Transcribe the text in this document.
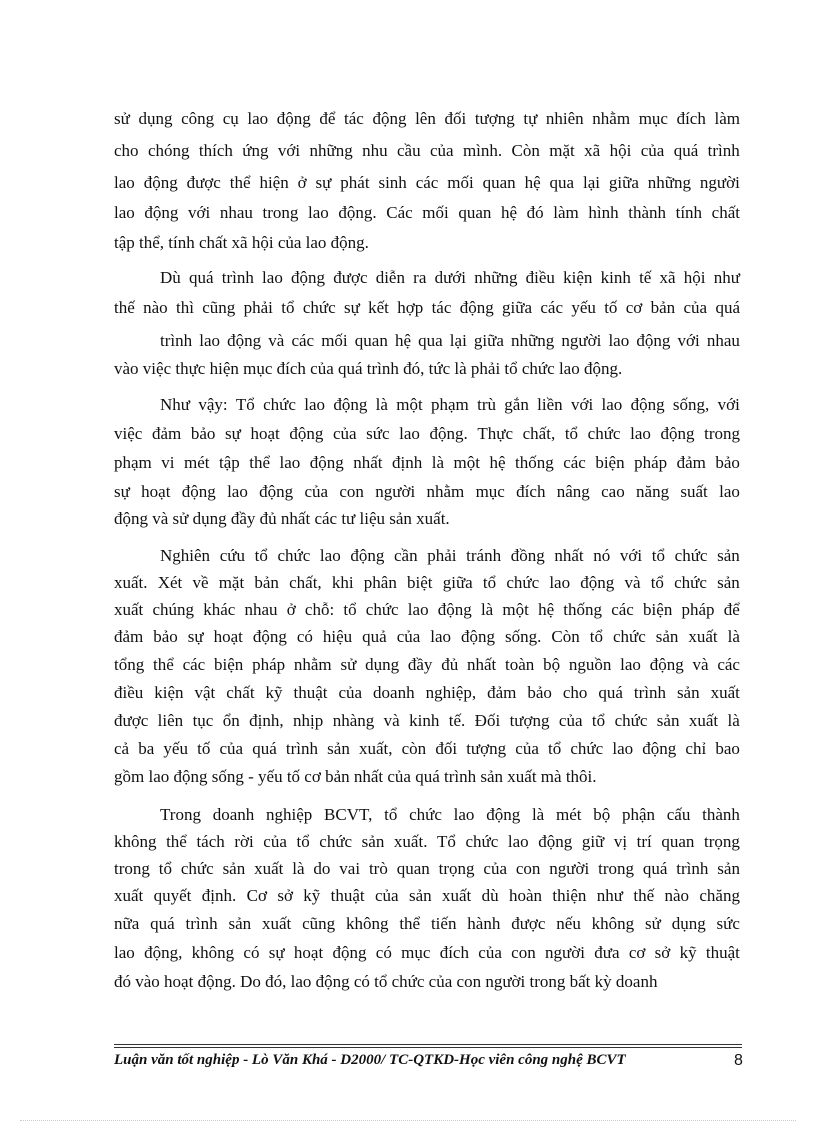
sử dụng công cụ lao động để tác động lên đối tượng tự nhiên nhằm mục đích làm
cho chóng thích ứng với những nhu cầu của mình. Còn mặt xã hội của quá trình
lao động được thể hiện ở sự phát sinh các mối quan hệ qua lại giữa những người
lao động với nhau trong lao động. Các mối quan hệ đó làm hình thành tính chất
tập thể, tính chất xã hội của lao động.
Dù quá trình lao động được diễn ra dưới những điều kiện kinh tế xã hội như
thế nào thì cũng phải tổ chức sự kết hợp tác động giữa các yếu tố cơ bản của quá
trình lao động và các mối quan hệ qua lại giữa những người lao động với nhau
vào việc thực hiện mục đích của quá trình đó, tức là phải tổ chức lao động.
Như vậy: Tổ chức lao động là một phạm trù gắn liền với lao động sống, với
việc đảm bảo sự hoạt động của sức lao động. Thực chất, tổ chức lao động trong
phạm vi mét tập thể lao động nhất định là một hệ thống các biện pháp đảm bảo
sự hoạt động lao động của con người nhằm mục đích nâng cao năng suất lao
động và sử dụng đầy đủ nhất các tư liệu sản xuất.
Nghiên cứu tổ chức lao động cần phải tránh đồng nhất nó với tổ chức sản
xuất. Xét về mặt bản chất, khi phân biệt giữa tổ chức lao động và tổ chức sản
xuất chúng khác nhau ở chỗ: tổ chức lao động là một hệ thống các biện pháp để
đảm bảo sự hoạt động có hiệu quả của lao động sống. Còn tổ chức sản xuất là
tổng thể các biện pháp nhằm sử dụng đầy đủ nhất toàn bộ nguồn lao động và các
điều kiện vật chất kỹ thuật của doanh nghiệp, đảm bảo cho quá trình sản xuất
được liên tục ổn định, nhịp nhàng và kinh tế. Đối tượng của tổ chức sản xuất là
cả ba yếu tố của quá trình sản xuất, còn đối tượng của tổ chức lao động chỉ bao
gồm lao động sống - yếu tố cơ bản nhất của quá trình sản xuất mà thôi.
Trong doanh nghiệp BCVT, tổ chức lao động là mét bộ phận cấu thành
không thể tách rời của tổ chức sản xuất. Tổ chức lao động giữ vị trí quan trọng
trong tổ chức sản xuất là do vai trò quan trọng của con người trong quá trình sản
xuất quyết định. Cơ sở kỹ thuật của sản xuất dù hoàn thiện như thế nào chăng
nữa quá trình sản xuất cũng không thể tiến hành được nếu không sử dụng sức
lao động, không có sự hoạt động có mục đích của con người đưa cơ sở kỹ thuật
đó vào hoạt động. Do đó, lao động có tổ chức của con người trong bất kỳ doanh
Luận văn tốt nghiệp - Lò Văn Khá - D2000/ TC-QTKD-Học viên công nghệ BCVT	8
